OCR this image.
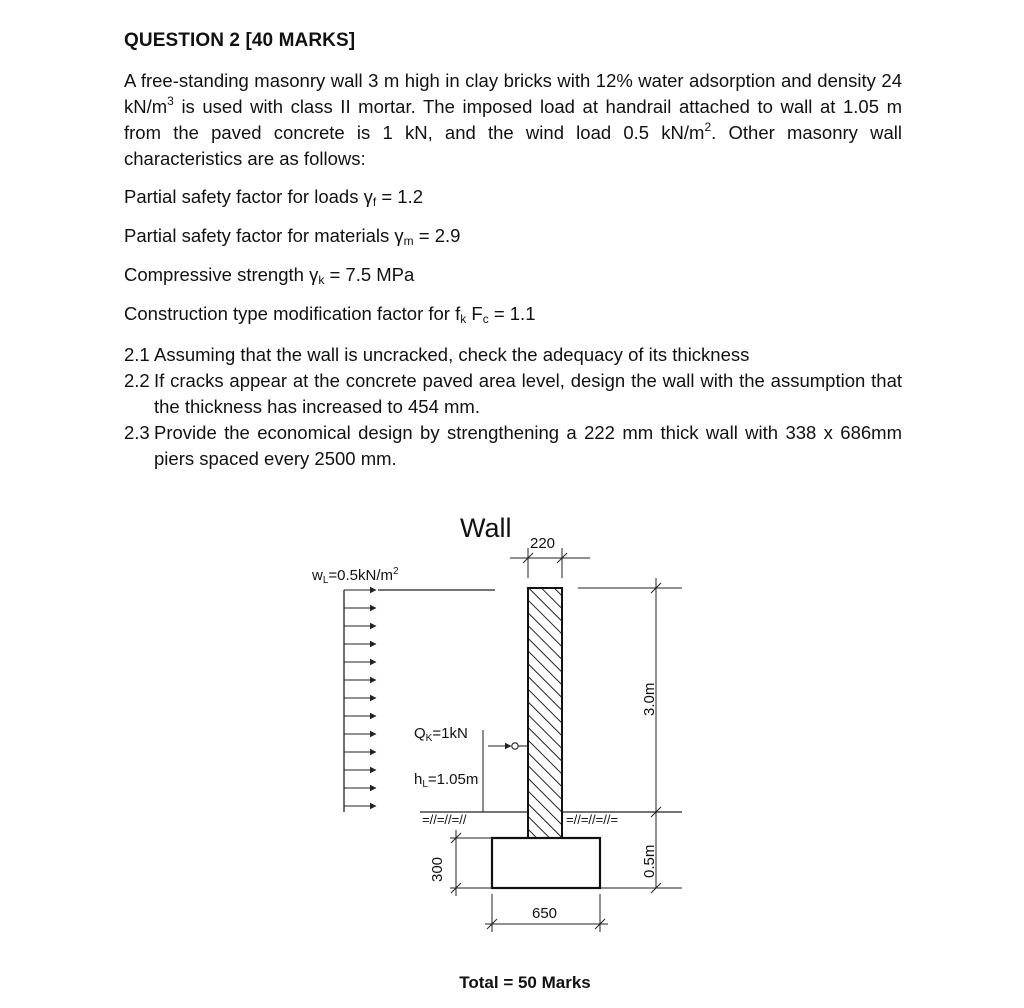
QUESTION 2 [40 MARKS]
A free-standing masonry wall 3 m high in clay bricks with 12% water adsorption and density 24 $kN/m^3$ is used with class II mortar. The imposed load at handrail attached to wall at 1.05 m from the paved concrete is 1 kN, and the wind load 0.5 $kN/m^2$. Other masonry wall characteristics are as follows:
Partial safety factor for loads γf = 1.2
Partial safety factor for materials γm = 2.9
Compressive strength γk = 7.5 MPa
Construction type modification factor for fk Fc = 1.1
2.1 Assuming that the wall is uncracked, check the adequacy of its thickness
2.2 If cracks appear at the concrete paved area level, design the wall with the assumption that the thickness has increased to 454 mm.
2.3 Provide the economical design by strengthening a 222 mm thick wall with 338 x 686mm piers spaced every 2500 mm.
Wall
$w_L=0.5kN/m^2$
=//=//=//	=//=//=//=
$Q_K=1kN$
$h_L=1.05m$
220
3.0m
0.5m
300
650
Total = 50 Marks
